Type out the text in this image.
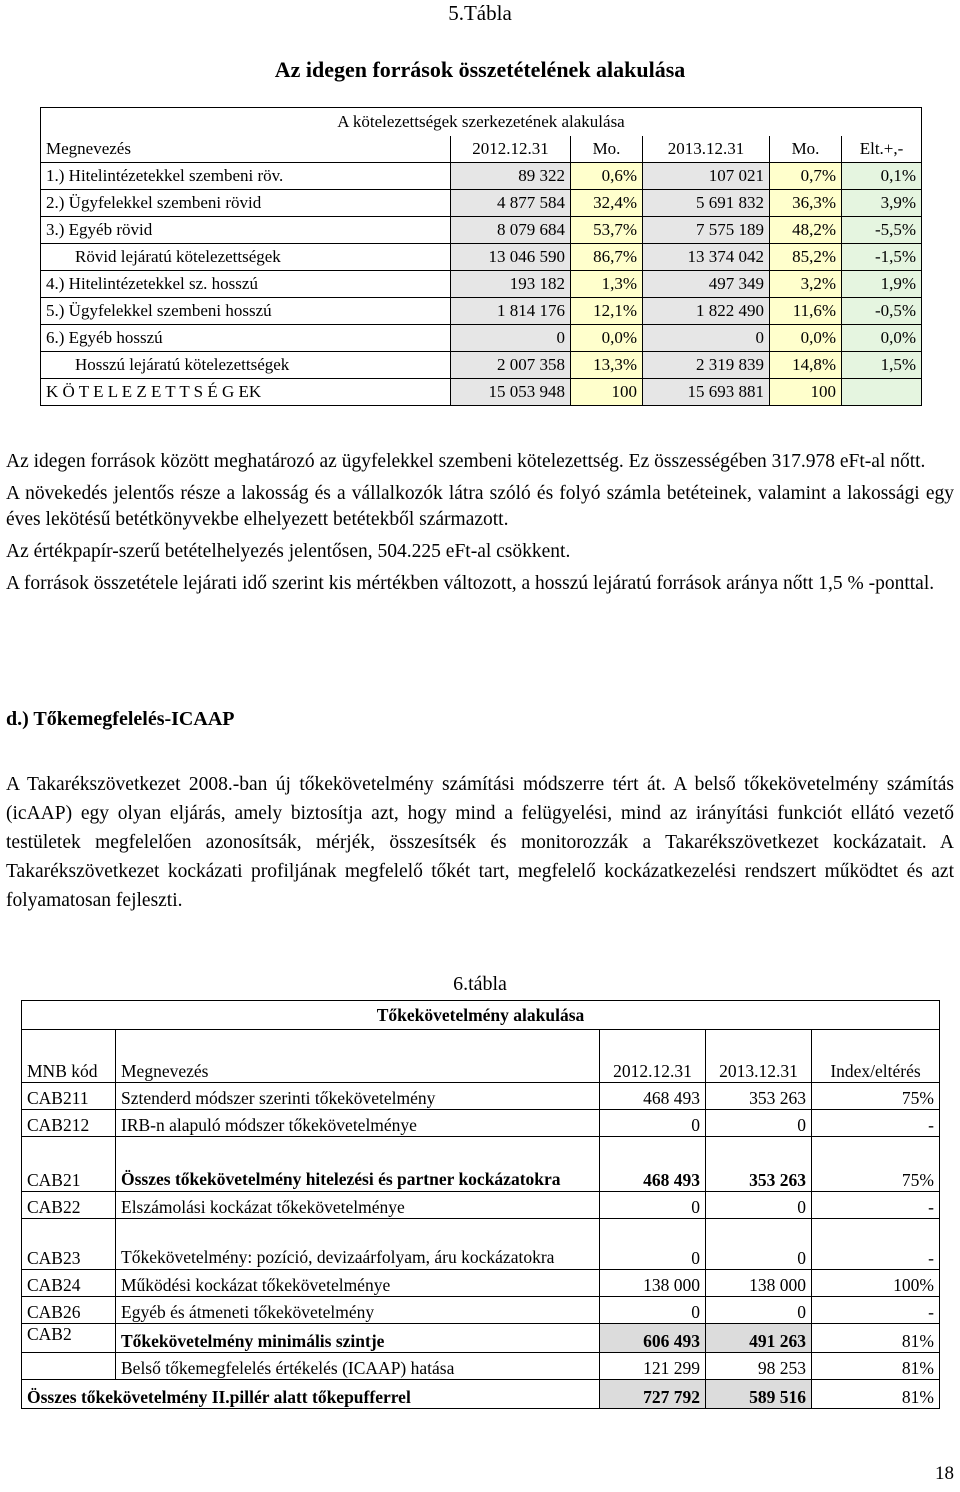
5.Tábla
Az idegen források összetételének alakulása
A kötelezettségek szerkezetének alakulása					
Megnevezés	2012.12.31	Mo.	2013.12.31	Mo.	Elt.+,-
1.) Hitelintézetekkel szembeni röv.	89 322	0,6%	107 021	0,7%	0,1%
2.) Ügyfelekkel szembeni rövid	4 877 584	32,4%	5 691 832	36,3%	3,9%
3.) Egyéb rövid	8 079 684	53,7%	7 575 189	48,2%	-5,5%
Rövid lejáratú kötelezettségek	13 046 590	86,7%	13 374 042	85,2%	-1,5%
4.) Hitelintézetekkel sz. hosszú	193 182	1,3%	497 349	3,2%	1,9%
5.) Ügyfelekkel szembeni hosszú	1 814 176	12,1%	1 822 490	11,6%	-0,5%
6.) Egyéb hosszú	0	0,0%	0	0,0%	0,0%
Hosszú lejáratú kötelezettségek	2 007 358	13,3%	2 319 839	14,8%	1,5%
K Ö T E L E Z E T T S É G EK	15 053 948	100	15 693 881	100	

Az idegen források között meghatározó az ügyfelekkel szembeni kötelezettség. Ez összességében 317.978 eFt-al nőtt.

A növekedés jelentős része a lakosság és a vállalkozók látra szóló és folyó számla betéteinek, valamint a lakossági egy éves lekötésű betétkönyvekbe elhelyezett betétekből származott.

Az értékpapír-szerű betételhelyezés jelentősen, 504.225 eFt-al csökkent.

A források összetétele lejárati idő szerint kis mértékben változott, a hosszú lejáratú források aránya nőtt 1,5 % -ponttal.

d.) Tőkemegfelelés-ICAAP

A Takarékszövetkezet 2008.-ban új tőkekövetelmény számítási módszerre tért át. A belső tőkekövetelmény számítás (icAAP) egy olyan eljárás, amely biztosítja azt, hogy mind a felügyelési, mind az irányítási funkciót ellátó vezető testületek megfelelően azonosítsák, mérjék, összesítsék és monitorozzák a Takarékszövetkezet kockázatait. A Takarékszövetkezet kockázati profiljának megfelelő tőkét tart, megfelelő kockázatkezelési rendszert működtet és azt folyamatosan fejleszti.

6.tábla
Tőkekövetelmény alakulása				
MNB kód	Megnevezés	2012.12.31	2013.12.31	Index/eltérés
CAB211	Sztenderd módszer szerinti tőkekövetelmény	468 493	353 263	75%
CAB212	IRB-n alapuló módszer tőkekövetelménye	0	0	-
CAB21	Összes tőkekövetelmény hitelezési és partner kockázatokra	468 493	353 263	75%
CAB22	Elszámolási kockázat tőkekövetelménye	0	0	-
CAB23	Tőkekövetelmény: pozíció, devizaárfolyam, áru kockázatokra	0	0	-
CAB24	Működési kockázat tőkekövetelménye	138 000	138 000	100%
CAB26	Egyéb és átmeneti tőkekövetelmény	0	0	-
CAB2	Tőkekövetelmény minimális szintje	606 493	491 263	81%
	Belső tőkemegfelelés értékelés (ICAAP) hatása	121 299	98 253	81%
Összes tőkekövetelmény II.pillér alatt tőkepufferrel		727 792	589 516	81%
18
